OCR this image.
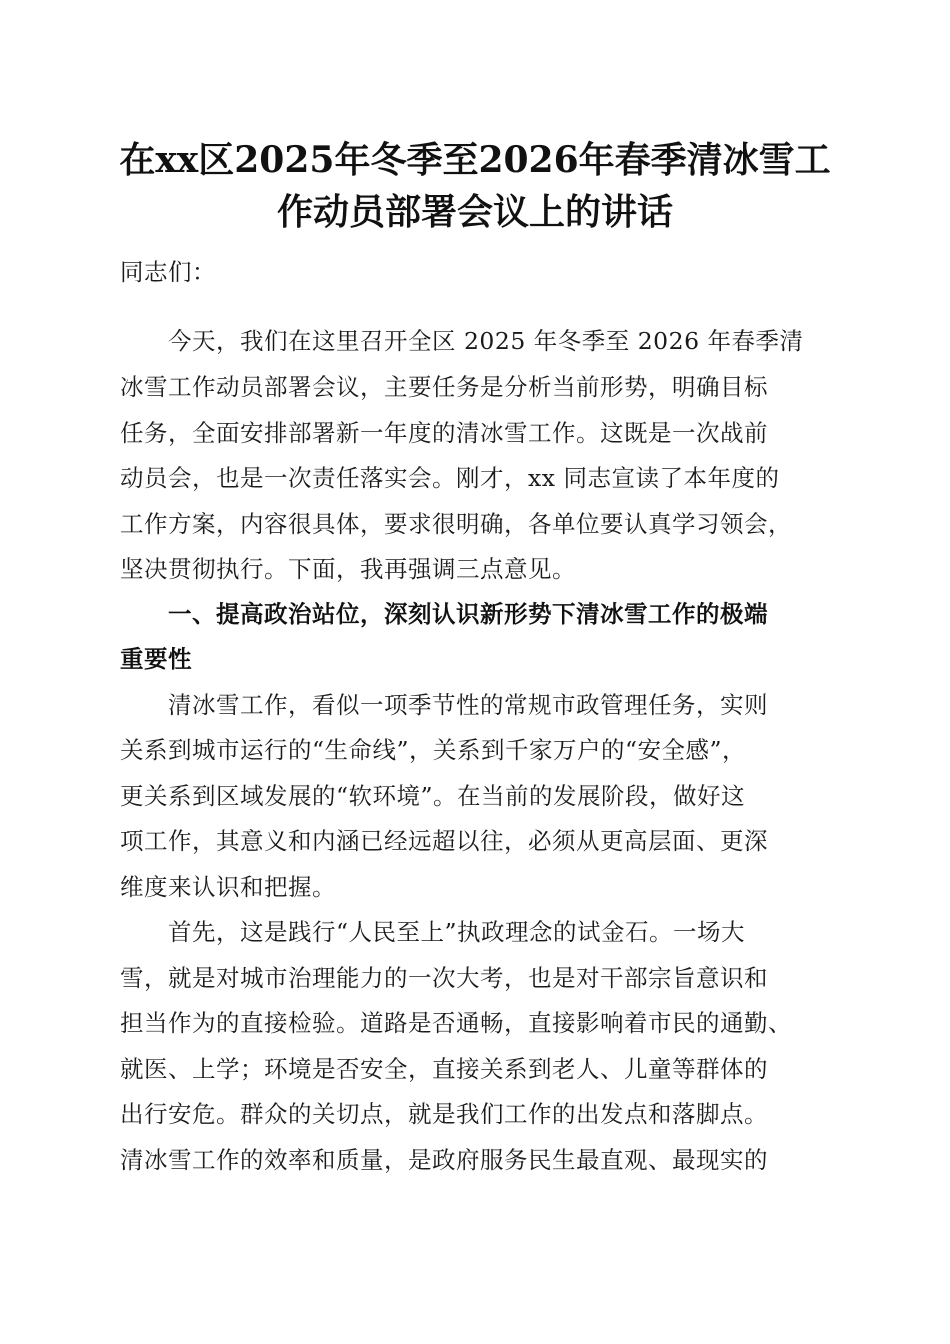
在xx区2025年冬季至2026年春季清冰雪工
作动员部署会议上的讲话
同志们：
今天，我们在这里召开全区 2025 年冬季至 2026 年春季清
冰雪工作动员部署会议，主要任务是分析当前形势，明确目标
任务，全面安排部署新一年度的清冰雪工作。这既是一次战前
动员会，也是一次责任落实会。刚才，xx 同志宣读了本年度的
工作方案，内容很具体，要求很明确，各单位要认真学习领会，
坚决贯彻执行。下面，我再强调三点意见。
一、提高政治站位，深刻认识新形势下清冰雪工作的极端
重要性
清冰雪工作，看似一项季节性的常规市政管理任务，实则
关系到城市运行的“生命线”，关系到千家万户的“安全感”，
更关系到区域发展的“软环境”。在当前的发展阶段，做好这
项工作，其意义和内涵已经远超以往，必须从更高层面、更深
维度来认识和把握。
首先，这是践行“人民至上”执政理念的试金石。一场大
雪，就是对城市治理能力的一次大考，也是对干部宗旨意识和
担当作为的直接检验。道路是否通畅，直接影响着市民的通勤、
就医、上学；环境是否安全，直接关系到老人、儿童等群体的
出行安危。群众的关切点，就是我们工作的出发点和落脚点。
清冰雪工作的效率和质量，是政府服务民生最直观、最现实的
